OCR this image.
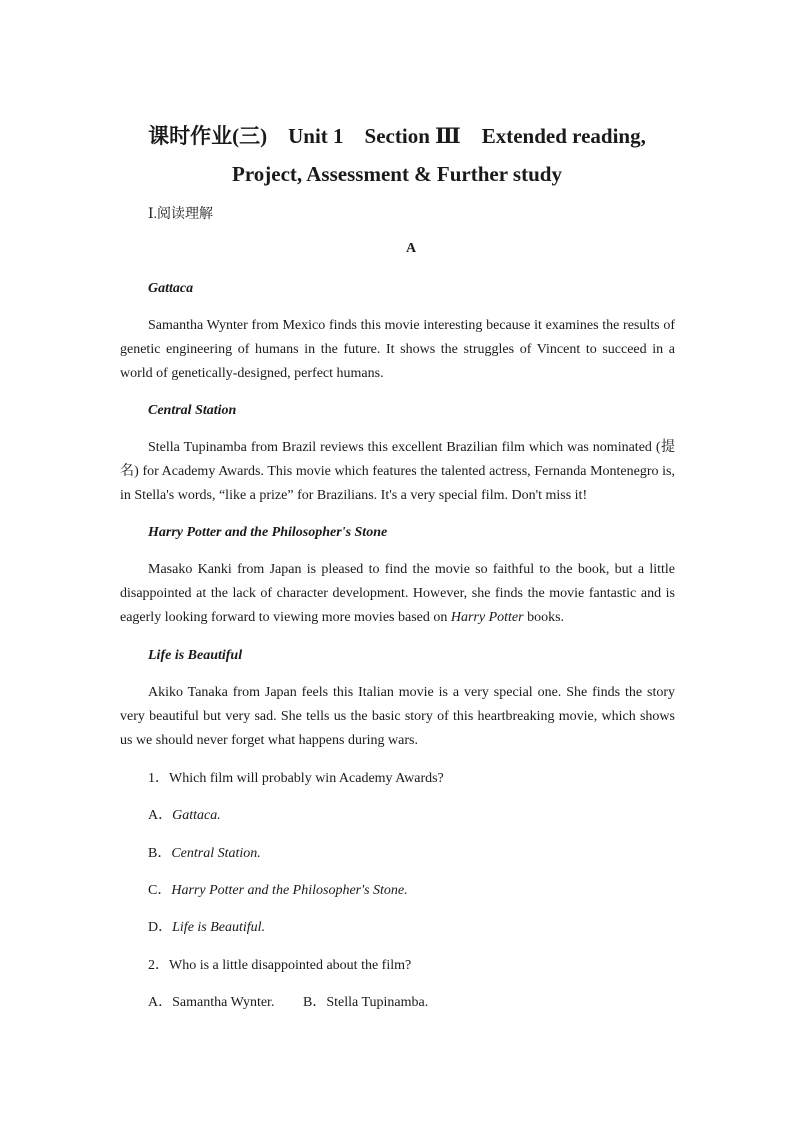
课时作业(三)　Unit 1　Section Ⅲ　Extended reading,
Project, Assessment & Further study
Ⅰ.阅读理解
A

Gattaca

Samantha Wynter from Mexico finds this movie interesting because it examines the results of genetic engineering of humans in the future. It shows the struggles of Vincent to succeed in a world of genetically-designed, perfect humans.

Central Station

Stella Tupinamba from Brazil reviews this excellent Brazilian film which was nominated (提名) for Academy Awards. This movie which features the talented actress, Fernanda Montenegro is, in Stella's words, “like a prize” for Brazilians. It's a very special film. Don't miss it!

Harry Potter and the Philosopher's Stone

Masako Kanki from Japan is pleased to find the movie so faithful to the book, but a little disappointed at the lack of character development. However, she finds the movie fantastic and is eagerly looking forward to viewing more movies based on Harry Potter books.

Life is Beautiful

Akiko Tanaka from Japan feels this Italian movie is a very special one. She finds the story very beautiful but very sad. She tells us the basic story of this heartbreaking movie, which shows us we should never forget what happens during wars.

1．Which film will probably win Academy Awards?
A．Gattaca.
B．Central Station.
C．Harry Potter and the Philosopher's Stone.
D．Life is Beautiful.
2．Who is a little disappointed about the film?
A．Samantha Wynter. B．Stella Tupinamba.
